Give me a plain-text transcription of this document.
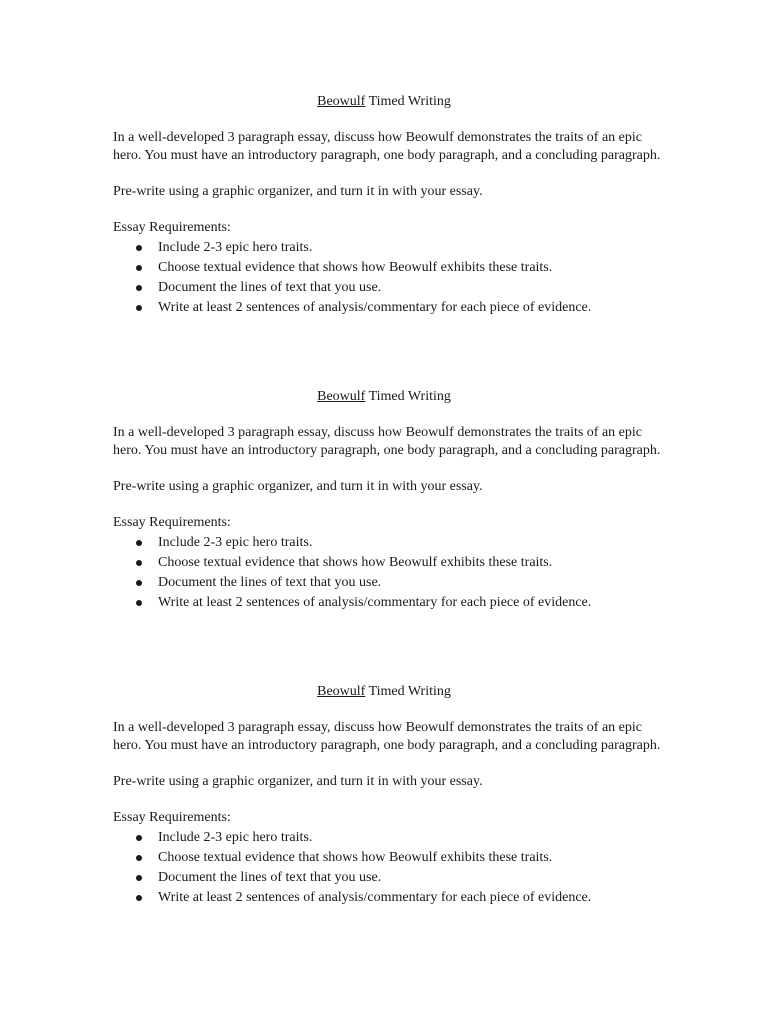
Beowulf Timed Writing

In a well-developed 3 paragraph essay, discuss how Beowulf demonstrates the traits of an epic hero. You must have an introductory paragraph, one body paragraph, and a concluding paragraph.

Pre-write using a graphic organizer, and turn it in with your essay.

Essay Requirements:

Include 2-3 epic hero traits.
Choose textual evidence that shows how Beowulf exhibits these traits.
Document the lines of text that you use.
Write at least 2 sentences of analysis/commentary for each piece of evidence.

Beowulf Timed Writing

In a well-developed 3 paragraph essay, discuss how Beowulf demonstrates the traits of an epic hero. You must have an introductory paragraph, one body paragraph, and a concluding paragraph.

Pre-write using a graphic organizer, and turn it in with your essay.

Essay Requirements:

Include 2-3 epic hero traits.
Choose textual evidence that shows how Beowulf exhibits these traits.
Document the lines of text that you use.
Write at least 2 sentences of analysis/commentary for each piece of evidence.

Beowulf Timed Writing

In a well-developed 3 paragraph essay, discuss how Beowulf demonstrates the traits of an epic hero. You must have an introductory paragraph, one body paragraph, and a concluding paragraph.

Pre-write using a graphic organizer, and turn it in with your essay.

Essay Requirements:

Include 2-3 epic hero traits.
Choose textual evidence that shows how Beowulf exhibits these traits.
Document the lines of text that you use.
Write at least 2 sentences of analysis/commentary for each piece of evidence.
